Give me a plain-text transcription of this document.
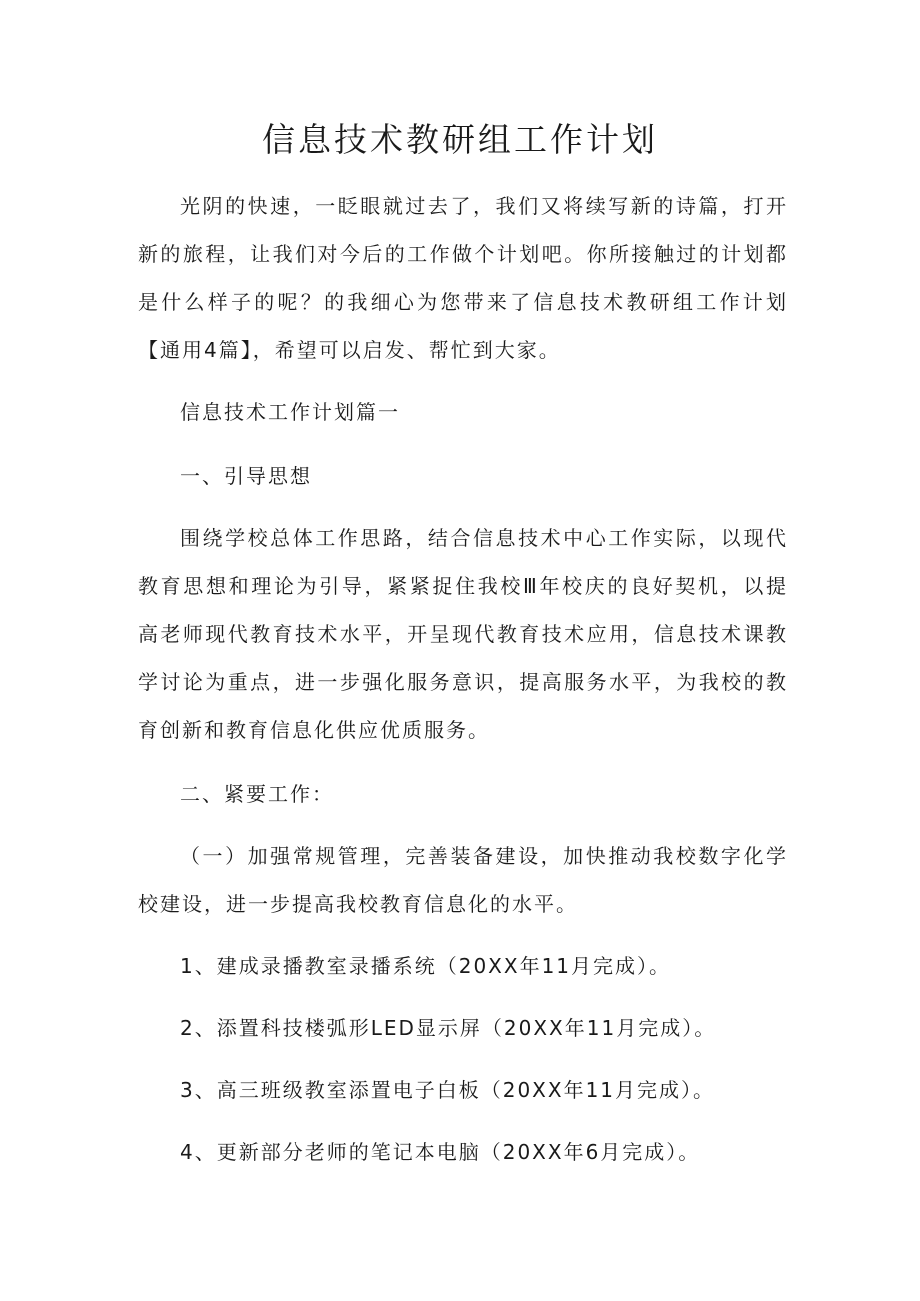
信息技术教研组工作计划

光阴的快速，一眨眼就过去了，我们又将续写新的诗篇，打开新的旅程，让我们对今后的工作做个计划吧。你所接触过的计划都是什么样子的呢？的我细心为您带来了信息技术教研组工作计划【通用4篇】，希望可以启发、帮忙到大家。

信息技术工作计划篇一

一、引导思想

围绕学校总体工作思路，结合信息技术中心工作实际，以现代教育思想和理论为引导，紧紧捉住我校Ⅲ年校庆的良好契机，以提高老师现代教育技术水平，开呈现代教育技术应用，信息技术课教学讨论为重点，进一步强化服务意识，提高服务水平，为我校的教育创新和教育信息化供应优质服务。

二、紧要工作：

（一）加强常规管理，完善装备建设，加快推动我校数字化学校建设，进一步提高我校教育信息化的水平。

1、建成录播教室录播系统（20XX年11月完成）。

2、添置科技楼弧形LED显示屏（20XX年11月完成）。

3、高三班级教室添置电子白板（20XX年11月完成）。

4、更新部分老师的笔记本电脑（20XX年6月完成）。
